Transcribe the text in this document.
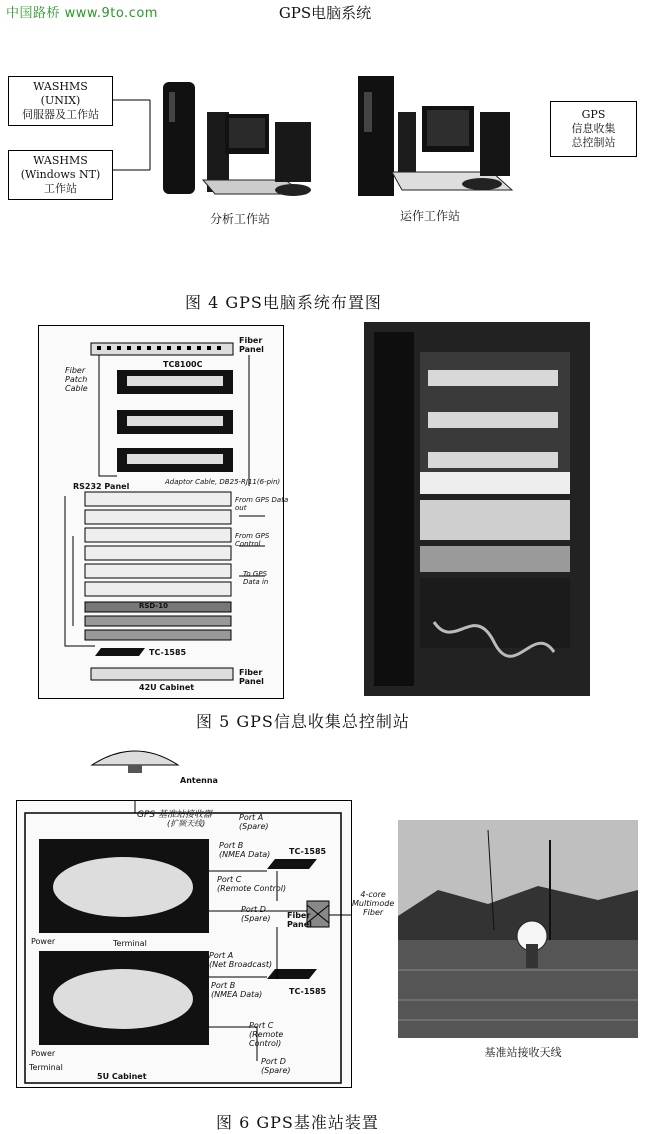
中国路桥 www.9to.com	GPS电脑系统
WASHMS
(UNIX)
伺服器及工作站
WASHMS
(Windows NT)
工作站
GPS
信息收集
总控制站
分析工作站	运作工作站
图 4 GPS电脑系统布置图
Fiber Panel
Fiber
Patch
Cable
TC8100C
RS232 Panel	Adaptor Cable, DB25-RJ11(6-pin)
From GPS Data
out
From GPS
Control
To GPS
Data in
RSD-10
TC-1585
42U Cabinet
Fiber
Panel
图 5 GPS信息收集总控制站
Antenna
GPS 基准站接收器
(扩频天线)
Port A
(Spare)
Port B
(NMEA Data)
Port C
(Remote Control)
Port D
(Spare)
TC-1585
Fiber
Panel
Port A
(Net Broadcast)
Port B
(NMEA Data)
Port C
(Remote
Control)
Port D
(Spare)
TC-1585
Power	Terminal
Power
Terminal
5U Cabinet
4-core
Multimode
Fiber
基准站接收天线
图 6 GPS基准站装置
